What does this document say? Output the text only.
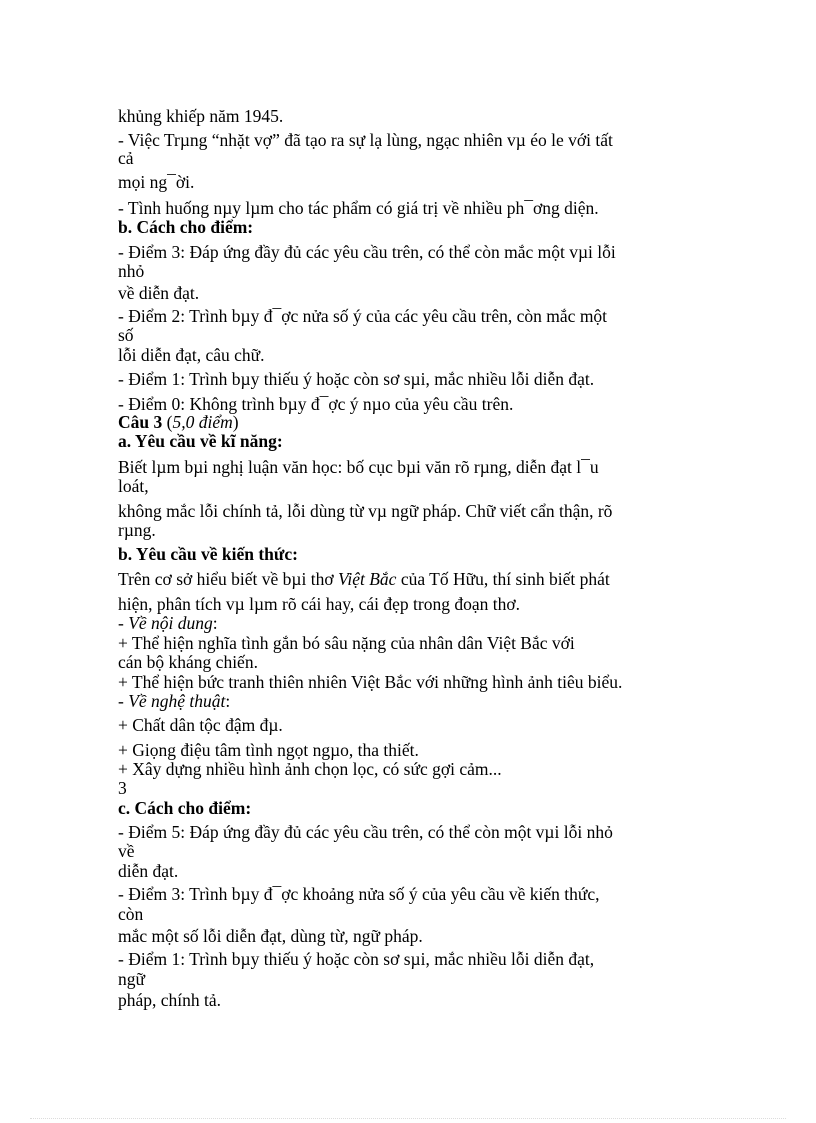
khủng khiếp năm 1945.

- Việc Trµng “nhặt vợ” đã tạo ra sự lạ lùng, ngạc nhiên vµ éo le với tất

cả

mọi ng¯ời.

- Tình huống nµy lµm cho tác phẩm có giá trị về nhiều ph¯ơng diện.

b. Cách cho điểm:

- Điểm 3: Đáp ứng đầy đủ các yêu cầu trên, có thể còn mắc một vµi lỗi

nhỏ

về diễn đạt.

- Điểm 2: Trình bµy đ¯ợc nửa số ý của các yêu cầu trên, còn mắc một

số

lỗi diễn đạt, câu chữ.

- Điểm 1: Trình bµy thiếu ý hoặc còn sơ sµi, mắc nhiều lỗi diễn đạt.

- Điểm 0: Không trình bµy đ¯ợc ý nµo của yêu cầu trên.

Câu 3 (5,0 điểm)

a. Yêu cầu về kĩ năng:

Biết lµm bµi nghị luận văn học: bố cục bµi văn rõ rµng, diễn đạt l¯u

loát,

không mắc lỗi chính tả, lỗi dùng từ vµ ngữ pháp. Chữ viết cẩn thận, rõ

rµng.

b. Yêu cầu về kiến thức:

Trên cơ sở hiểu biết về bµi thơ Việt Bắc của Tố Hữu, thí sinh biết phát

hiện, phân tích vµ lµm rõ cái hay, cái đẹp trong đoạn thơ.

- Về nội dung:

+ Thể hiện nghĩa tình gắn bó sâu nặng của nhân dân Việt Bắc với

cán bộ kháng chiến.

+ Thể hiện bức tranh thiên nhiên Việt Bắc với những hình ảnh tiêu biểu.

- Về nghệ thuật:

+ Chất dân tộc đậm đµ.

+ Giọng điệu tâm tình ngọt ngµo, tha thiết.

+ Xây dựng nhiều hình ảnh chọn lọc, có sức gợi cảm...

3

c. Cách cho điểm:

- Điểm 5: Đáp ứng đầy đủ các yêu cầu trên, có thể còn một vµi lỗi nhỏ

về

diễn đạt.

- Điểm 3: Trình bµy đ¯ợc khoảng nửa số ý của yêu cầu về kiến thức,

còn

mắc một số lỗi diễn đạt, dùng từ, ngữ pháp.

- Điểm 1: Trình bµy thiếu ý hoặc còn sơ sµi, mắc nhiều lỗi diễn đạt,

ngữ

pháp, chính tả.
